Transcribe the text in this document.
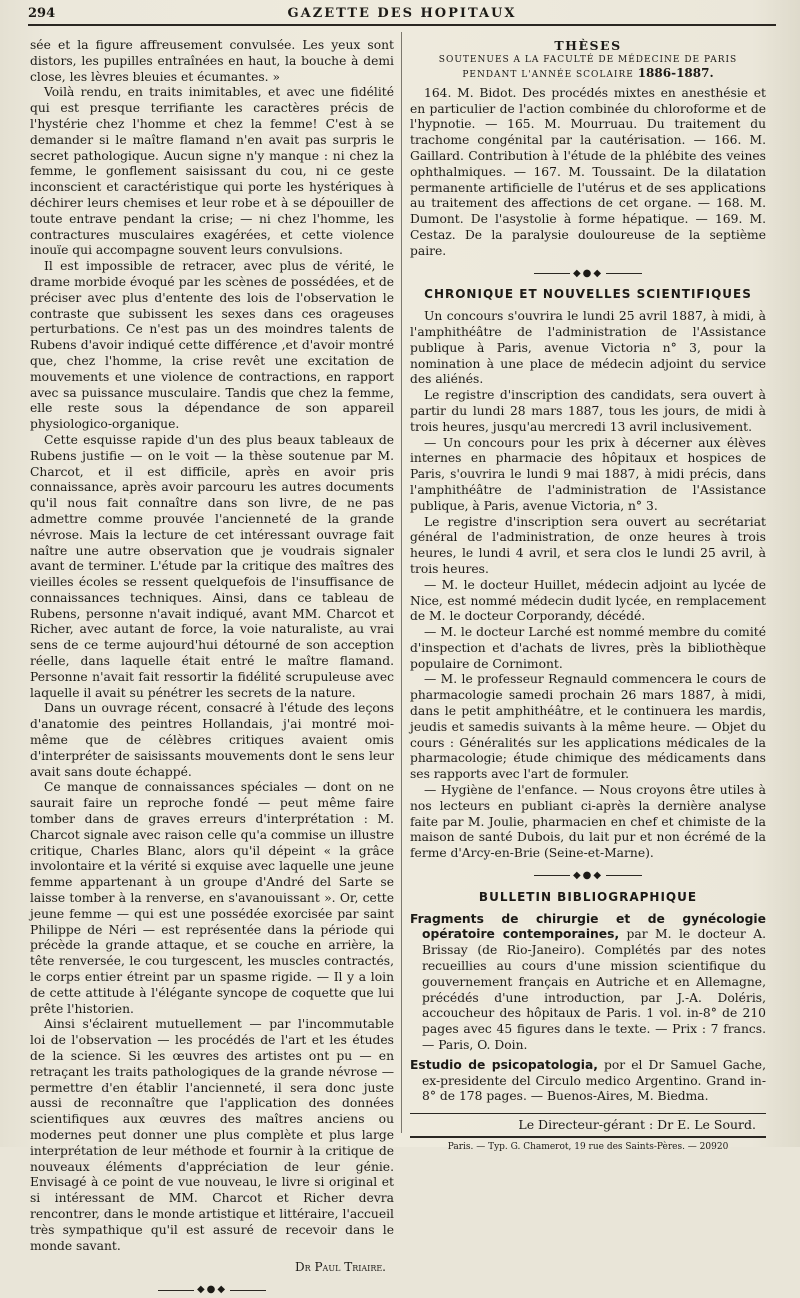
294	GAZETTE DES HOPITAUX

sée et la figure affreusement convulsée. Les yeux sont distors, les pupilles entraînées en haut, la bouche à demi close, les lèvres bleuies et écumantes. »

Voilà rendu, en traits inimitables, et avec une fidélité qui est presque terrifiante les caractères précis de l'hystérie chez l'homme et chez la femme! C'est à se demander si le maître flamand n'en avait pas surpris le secret pathologique. Aucun signe n'y manque : ni chez la femme, le gonflement saisissant du cou, ni ce geste inconscient et caractéristique qui porte les hystériques à déchirer leurs chemises et leur robe et à se dépouiller de toute entrave pendant la crise; — ni chez l'homme, les contractures musculaires exagérées, et cette violence inouïe qui accompagne souvent leurs convulsions.

Il est impossible de retracer, avec plus de vérité, le drame morbide évoqué par les scènes de possédées, et de préciser avec plus d'entente des lois de l'observation le contraste que subissent les sexes dans ces orageuses perturbations. Ce n'est pas un des moindres talents de Rubens d'avoir indiqué cette différence ,et d'avoir montré que, chez l'homme, la crise revêt une excitation de mouvements et une violence de contractions, en rapport avec sa puissance musculaire. Tandis que chez la femme, elle reste sous la dépendance de son appareil physiologico-organique.

Cette esquisse rapide d'un des plus beaux tableaux de Rubens justifie — on le voit — la thèse soutenue par M. Charcot, et il est difficile, après en avoir pris connaissance, après avoir parcouru les autres documents qu'il nous fait connaître dans son livre, de ne pas admettre comme prouvée l'ancienneté de la grande névrose. Mais la lecture de cet intéressant ouvrage fait naître une autre observation que je voudrais signaler avant de terminer. L'étude par la critique des maîtres des vieilles écoles se ressent quelquefois de l'insuffisance de connaissances techniques. Ainsi, dans ce tableau de Rubens, personne n'avait indiqué, avant MM. Charcot et Richer, avec autant de force, la voie naturaliste, au vrai sens de ce terme aujourd'hui détourné de son acception réelle, dans laquelle était entré le maître flamand. Personne n'avait fait ressortir la fidélité scrupuleuse avec laquelle il avait su pénétrer les secrets de la nature.

Dans un ouvrage récent, consacré à l'étude des leçons d'anatomie des peintres Hollandais, j'ai montré moi-même que de célèbres critiques avaient omis d'interpréter de saisissants mouvements dont le sens leur avait sans doute échappé.

Ce manque de connaissances spéciales — dont on ne saurait faire un reproche fondé — peut même faire tomber dans de graves erreurs d'interprétation : M. Charcot signale avec raison celle qu'a commise un illustre critique, Charles Blanc, alors qu'il dépeint « la grâce involontaire et la vérité si exquise avec laquelle une jeune femme appartenant à un groupe d'André del Sarte se laisse tomber à la renverse, en s'avanouissant ». Or, cette jeune femme — qui est une possédée exorcisée par saint Philippe de Néri — est représentée dans la période qui précède la grande attaque, et se couche en arrière, la tête renversée, le cou turgescent, les muscles contractés, le corps entier étreint par un spasme rigide. — Il y a loin de cette attitude à l'élégante syncope de coquette que lui prête l'historien.

Ainsi s'éclairent mutuellement — par l'incommutable loi de l'observation — les procédés de l'art et les études de la science. Si les œuvres des artistes ont pu — en retraçant les traits pathologiques de la grande névrose — permettre d'en établir l'ancienneté, il sera donc juste aussi de reconnaître que l'application des données scientifiques aux œuvres des maîtres anciens ou modernes peut donner une plus complète et plus large interprétation de leur méthode et fournir à la critique de nouveaux éléments d'appréciation de leur génie. Envisagé à ce point de vue nouveau, le livre si original et si intéressant de MM. Charcot et Richer devra rencontrer, dans le monde artistique et littéraire, l'accueil très sympathique qu'il est assuré de recevoir dans le monde savant.

Dr Paul Triaire.
◆●◆
THÈSES
SOUTENUES A LA FACULTÉ DE MÉDECINE DE PARIS
PENDANT L'ANNÉE SCOLAIRE 1886-1887.

164. M. Bidot. Des procédés mixtes en anesthésie et en particulier de l'action combinée du chloroforme et de l'hypnotie. — 165. M. Mourruau. Du traitement du trachome congénital par la cautérisation. — 166. M. Gaillard. Contribution à l'étude de la phlébite des veines ophthalmiques. — 167. M. Toussaint. De la dilatation permanente artificielle de l'utérus et de ses applications au traitement des affections de cet organe. — 168. M. Dumont. De l'asystolie à forme hépatique. — 169. M. Cestaz. De la paralysie douloureuse de la septième paire.

◆●◆
CHRONIQUE ET NOUVELLES SCIENTIFIQUES

Un concours s'ouvrira le lundi 25 avril 1887, à midi, à l'amphithéâtre de l'administration de l'Assistance publique à Paris, avenue Victoria n° 3, pour la nomination à une place de médecin adjoint du service des aliénés.

Le registre d'inscription des candidats, sera ouvert à partir du lundi 28 mars 1887, tous les jours, de midi à trois heures, jusqu'au mercredi 13 avril inclusivement.

— Un concours pour les prix à décerner aux élèves internes en pharmacie des hôpitaux et hospices de Paris, s'ouvrira le lundi 9 mai 1887, à midi précis, dans l'amphithéâtre de l'administration de l'Assistance publique, à Paris, avenue Victoria, n° 3.

Le registre d'inscription sera ouvert au secrétariat général de l'administration, de onze heures à trois heures, le lundi 4 avril, et sera clos le lundi 25 avril, à trois heures.

— M. le docteur Huillet, médecin adjoint au lycée de Nice, est nommé médecin dudit lycée, en remplacement de M. le docteur Corporandy, décédé.

— M. le docteur Larché est nommé membre du comité d'inspection et d'achats de livres, près la bibliothèque populaire de Cornimont.

— M. le professeur Regnauld commencera le cours de pharmacologie samedi prochain 26 mars 1887, à midi, dans le petit amphithéâtre, et le continuera les mardis, jeudis et samedis suivants à la même heure. — Objet du cours : Généralités sur les applications médicales de la pharmacologie; étude chimique des médicaments dans ses rapports avec l'art de formuler.

— Hygiène de l'enfance. — Nous croyons être utiles à nos lecteurs en publiant ci-après la dernière analyse faite par M. Joulie, pharmacien en chef et chimiste de la maison de santé Dubois, du lait pur et non écrémé de la ferme d'Arcy-en-Brie (Seine-et-Marne).

◆●◆
BULLETIN BIBLIOGRAPHIQUE

Fragments de chirurgie et de gynécologie opératoire contemporaines, par M. le docteur A. Brissay (de Rio-Janeiro). Complétés par des notes recueillies au cours d'une mission scientifique du gouvernement français en Autriche et en Allemagne, précédés d'une introduction, par J.-A. Doléris, accoucheur des hôpitaux de Paris. 1 vol. in-8° de 210 pages avec 45 figures dans le texte. — Prix : 7 francs. — Paris, O. Doin.

Estudio de psicopatologia, por el Dr Samuel Gache, ex-presidente del Circulo medico Argentino. Grand in-8° de 178 pages. — Buenos-Aires, M. Biedma.

Le Directeur-gérant : Dr E. Le Sourd.
Paris. — Typ. G. Chamerot, 19 rue des Saints-Pères. — 20920
